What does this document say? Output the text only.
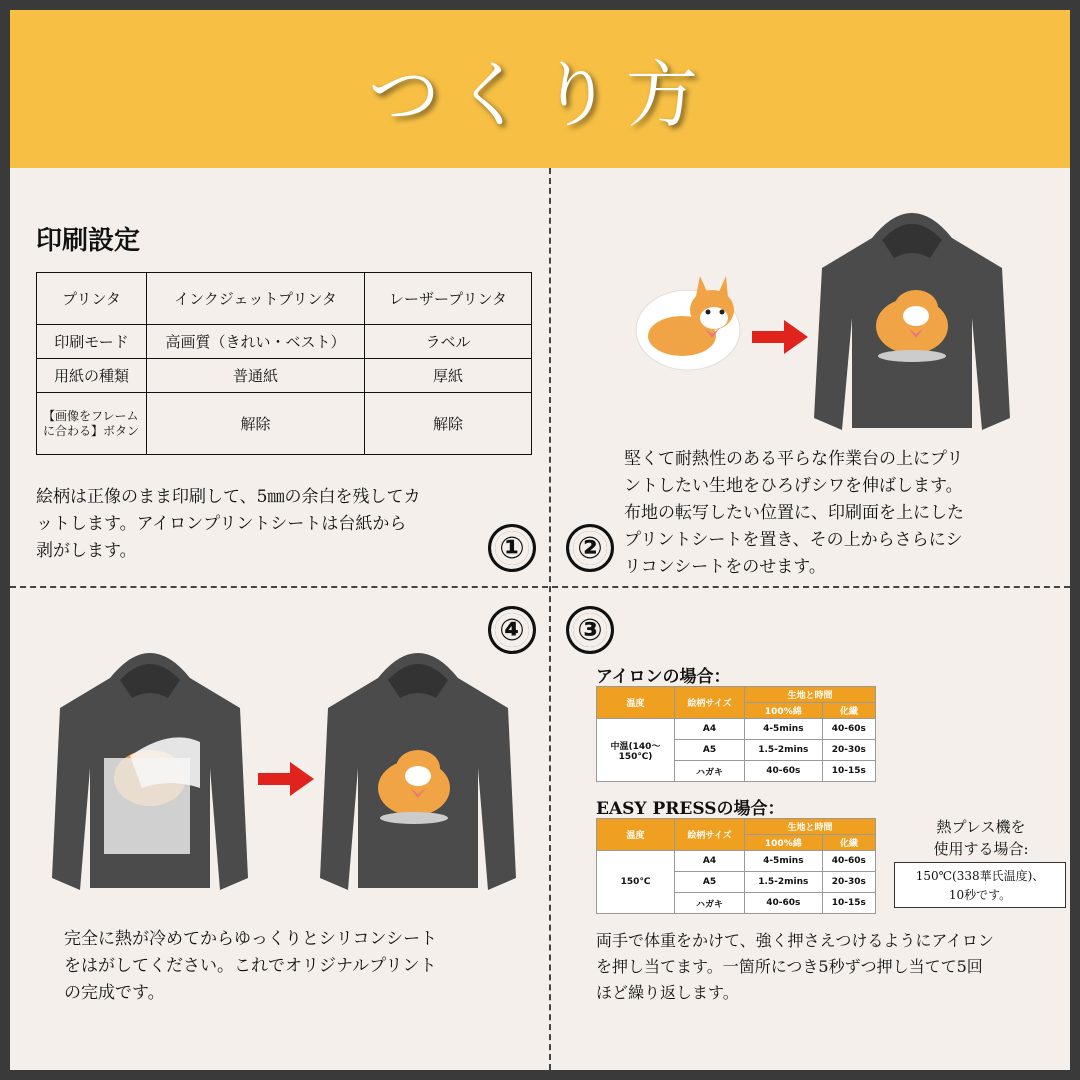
つくり方
印刷設定
プリンタ	インクジェットプリンタ	レーザープリンタ
印刷モード	高画質（きれい・ベスト）	ラベル
用紙の種類	普通紙	厚紙
【画像をフレームに合わる】ボタン	解除	解除
絵柄は正像のまま印刷して、5㎜の余白を残してカ
ットします。アイロンプリントシートは台紙から
剥がします。	① ②
堅くて耐熱性のある平らな作業台の上にプリ
ントしたい生地をひろげシワを伸ばします。
布地の転写したい位置に、印刷面を上にした
プリントシートを置き、その上からさらにシ
リコンシートをのせます。
④
完全に熱が冷めてからゆっくりとシリコンシート
をはがしてください。これでオリジナルプリント
の完成です。
③
アイロンの場合：
温度	絵柄サイズ	生地と時間	
		100%綿	化繊
中温(140〜150℃)	A4	4-5mins	40-60s
	A5	1.5-2mins	20-30s
	ハガキ	40-60s	10-15s
EASY PRESSの場合：
温度	絵柄サイズ	生地と時間	
		100%綿	化繊
150℃	A4	4-5mins	40-60s
	A5	1.5-2mins	20-30s
	ハガキ	40-60s	10-15s
熱プレス機を
使用する場合:
150℃(338華氏温度)、
10秒です。
両手で体重をかけて、強く押さえつけるようにアイロン
を押し当てます。一箇所につき5秒ずつ押し当てて5回
ほど繰り返します。
